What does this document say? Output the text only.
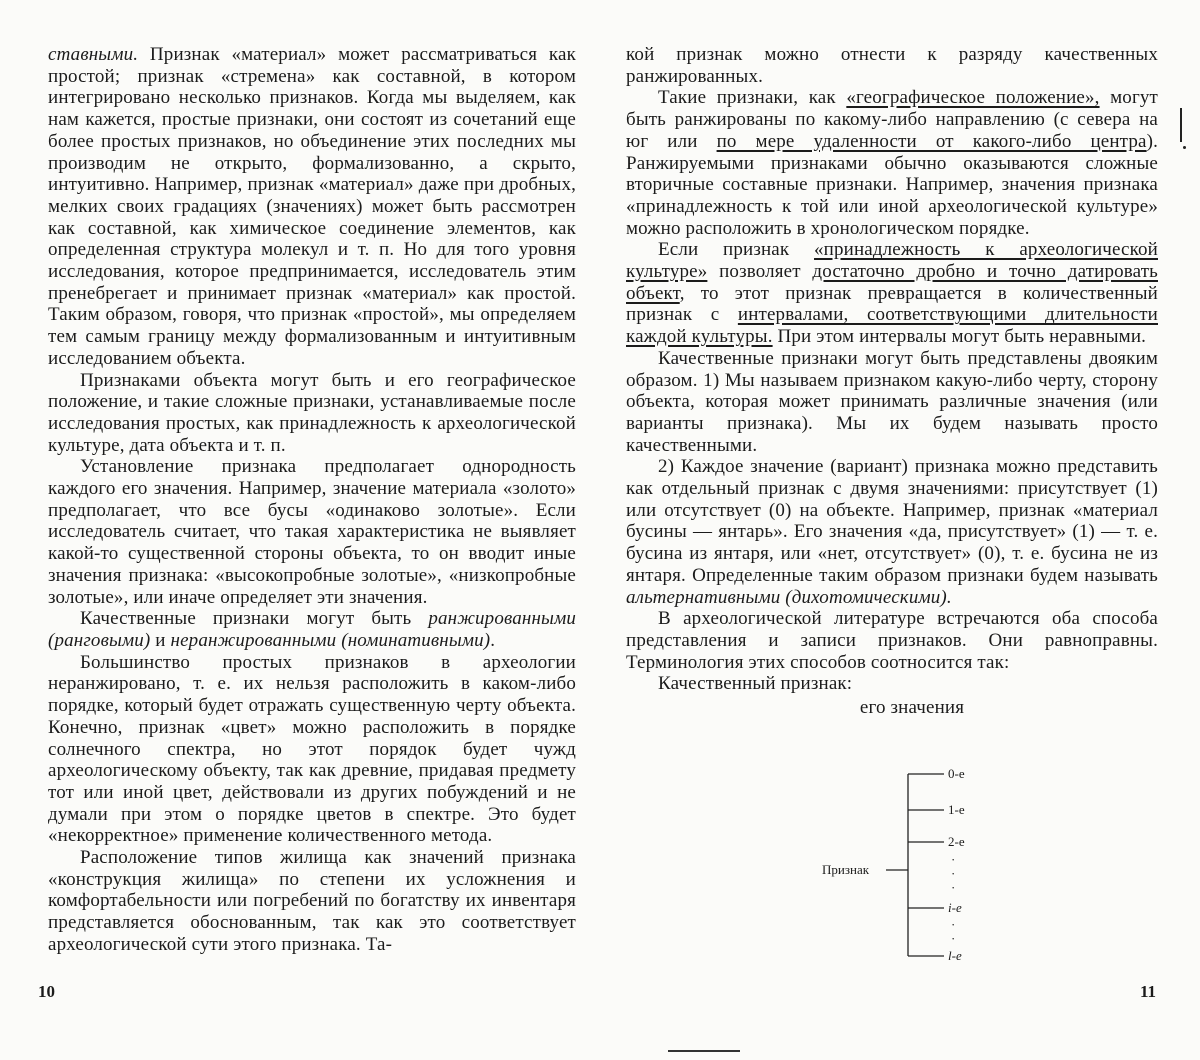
ставными. Признак «материал» может рассматриваться как простой; признак «стремена» как составной, в котором интегрировано несколько признаков. Когда мы выделяем, как нам кажется, простые признаки, они состоят из сочетаний еще более простых признаков, но объединение этих последних мы производим не открыто, формализованно, а скрыто, интуитивно. Например, признак «материал» даже при дробных, мелких своих градациях (значениях) может быть рассмотрен как составной, как химическое соединение элементов, как определенная структура молекул и т. п. Но для того уровня исследования, которое предпринимается, исследователь этим пренебрегает и принимает признак «материал» как простой. Таким образом, говоря, что признак «простой», мы определяем тем самым границу между формализованным и интуитивным исследованием объекта.

Признаками объекта могут быть и его географическое положение, и такие сложные признаки, устанавливаемые после исследования простых, как принадлежность к археологической культуре, дата объекта и т. п.

Установление признака предполагает однородность каждого его значения. Например, значение материала «золото» предполагает, что все бусы «одинаково золотые». Если исследователь считает, что такая характеристика не выявляет какой-то существенной стороны объекта, то он вводит иные значения признака: «высокопробные золотые», «низкопробные золотые», или иначе определяет эти значения.

Качественные признаки могут быть ранжированными (ранговыми) и неранжированными (номинативными).

Большинство простых признаков в археологии неранжировано, т. е. их нельзя расположить в каком-либо порядке, который будет отражать существенную черту объекта. Конечно, признак «цвет» можно расположить в порядке солнечного спектра, но этот порядок будет чужд археологическому объекту, так как древние, придавая предмету тот или иной цвет, действовали из других побуждений и не думали при этом о порядке цветов в спектре. Это будет «некорректное» применение количественного метода.

Расположение типов жилища как значений признака «конструкция жилища» по степени их усложнения и комфортабельности или погребений по богатству их инвентаря представляется обоснованным, так как это соответствует археологической сути этого признака. Та-

10

кой признак можно отнести к разряду качественных ранжированных.

Такие признаки, как «географическое положение», могут быть ранжированы по какому-либо направлению (с севера на юг или по мере удаленности от какого-либо центра). Ранжируемыми признаками обычно оказываются сложные вторичные составные признаки. Например, значения признака «принадлежность к той или иной археологической культуре» можно расположить в хронологическом порядке.

Если признак «принадлежность к археологической культуре» позволяет достаточно дробно и точно датировать объект, то этот признак превращается в количественный признак с интервалами, соответствующими длительности каждой культуры. При этом интервалы могут быть неравными.

Качественные признаки могут быть представлены двояким образом. 1) Мы называем признаком какую-либо черту, сторону объекта, которая может принимать различные значения (или варианты признака). Мы их будем называть просто качественными.

2) Каждое значение (вариант) признака можно представить как отдельный признак с двумя значениями: присутствует (1) или отсутствует (0) на объекте. Например, признак «материал бусины — янтарь». Его значения «да, присутствует» (1) — т. е. бусина из янтаря, или «нет, отсутствует» (0), т. е. бусина не из янтаря. Определенные таким образом признаки будем называть альтернативными (дихотомическими).

В археологической литературе встречаются оба способа представления и записи признаков. Они равноправны. Терминология этих способов соотносится так:

Качественный признак:

его значения
11
Признак
0-е
1-е
2-е
·
·
·
i-е
·
·
l-е
